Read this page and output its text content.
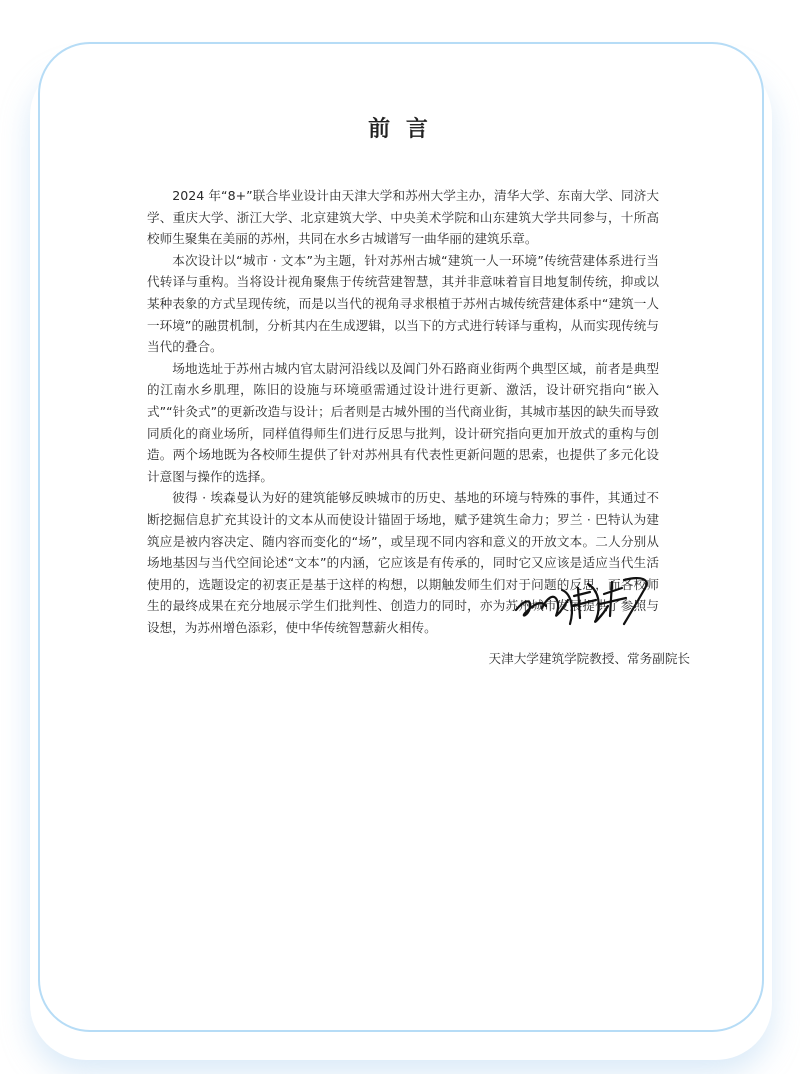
前 言

2024 年“8+”联合毕业设计由天津大学和苏州大学主办，清华大学、东南大学、同济大学、重庆大学、浙江大学、北京建筑大学、中央美术学院和山东建筑大学共同参与，十所高校师生聚集在美丽的苏州，共同在水乡古城谱写一曲华丽的建筑乐章。

本次设计以“城市 · 文本”为主题，针对苏州古城“建筑一人一环境”传统营建体系进行当代转译与重构。当将设计视角聚焦于传统营建智慧，其并非意味着盲目地复制传统，抑或以某种表象的方式呈现传统，而是以当代的视角寻求根植于苏州古城传统营建体系中“建筑一人一环境”的融贯机制，分析其内在生成逻辑，以当下的方式进行转译与重构，从而实现传统与当代的叠合。

场地选址于苏州古城内官太尉河沿线以及阊门外石路商业街两个典型区域，前者是典型的江南水乡肌理，陈旧的设施与环境亟需通过设计进行更新、激活，设计研究指向“嵌入式”“针灸式”的更新改造与设计；后者则是古城外围的当代商业街，其城市基因的缺失而导致同质化的商业场所，同样值得师生们进行反思与批判，设计研究指向更加开放式的重构与创造。两个场地既为各校师生提供了针对苏州具有代表性更新问题的思索，也提供了多元化设计意图与操作的选择。

彼得 · 埃森曼认为好的建筑能够反映城市的历史、基地的环境与特殊的事件，其通过不断挖掘信息扩充其设计的文本从而使设计锚固于场地，赋予建筑生命力；罗兰 · 巴特认为建筑应是被内容决定、随内容而变化的“场”，或呈现不同内容和意义的开放文本。二人分别从场地基因与当代空间论述“文本”的内涵，它应该是有传承的，同时它又应该是适应当代生活使用的，选题设定的初衷正是基于这样的构想，以期触发师生们对于问题的反思，而各校师生的最终成果在充分地展示学生们批判性、创造力的同时，亦为苏州城市发展提供了参照与设想，为苏州增色添彩，使中华传统智慧薪火相传。

天津大学建筑学院教授、常务副院长
